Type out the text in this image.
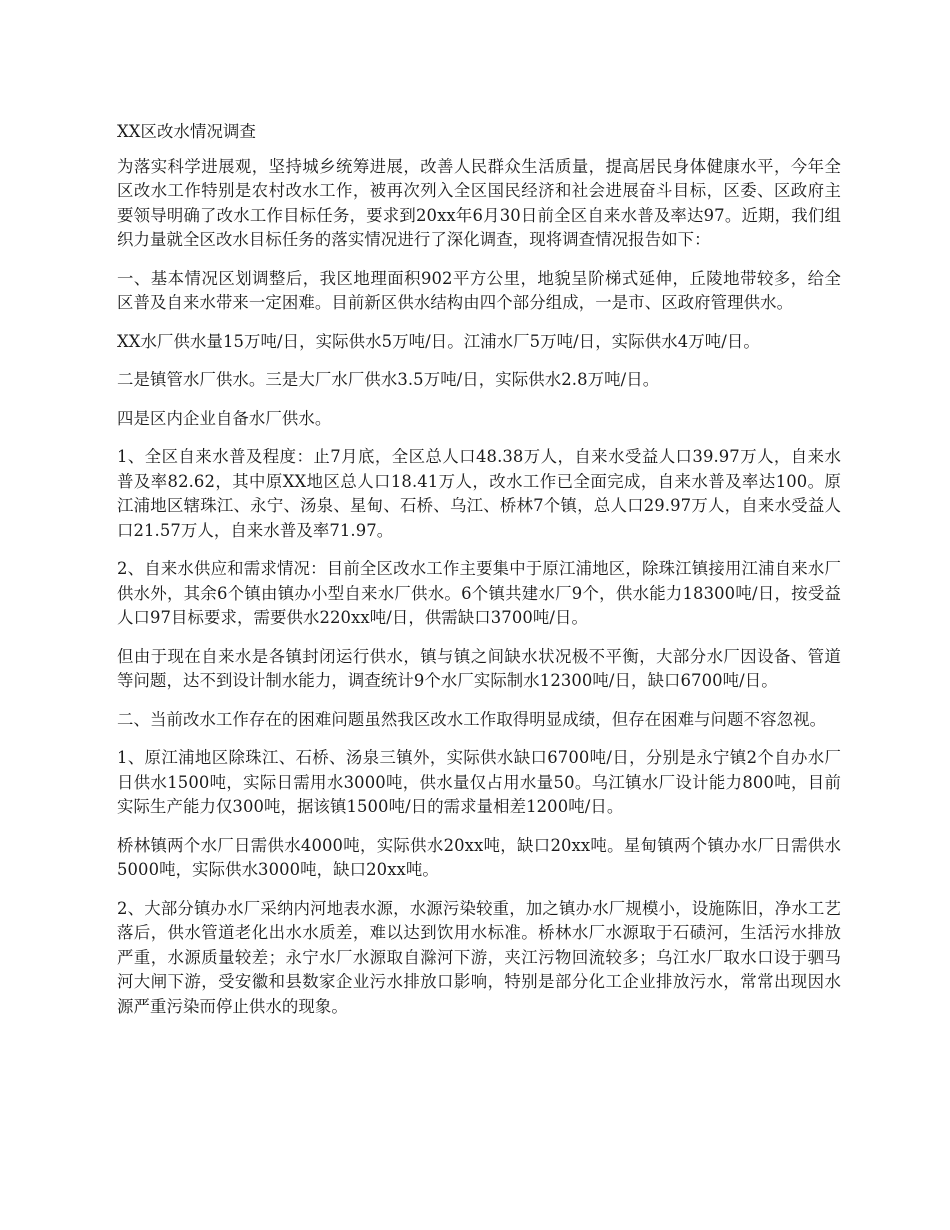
XX区改水情况调查

为落实科学进展观，坚持城乡统筹进展，改善人民群众生活质量，提高居民身体健康水平，今年全区改水工作特别是农村改水工作，被再次列入全区国民经济和社会进展奋斗目标，区委、区政府主要领导明确了改水工作目标任务，要求到20xx年6月30日前全区自来水普及率达97。近期，我们组织力量就全区改水目标任务的落实情况进行了深化调查，现将调查情况报告如下：

一、基本情况区划调整后，我区地理面积902平方公里，地貌呈阶梯式延伸，丘陵地带较多，给全区普及自来水带来一定困难。目前新区供水结构由四个部分组成，一是市、区政府管理供水。

XX水厂供水量15万吨/日，实际供水5万吨/日。江浦水厂5万吨/日，实际供水4万吨/日。

二是镇管水厂供水。三是大厂水厂供水3.5万吨/日，实际供水2.8万吨/日。

四是区内企业自备水厂供水。

1、全区自来水普及程度：止7月底，全区总人口48.38万人，自来水受益人口39.97万人，自来水普及率82.62，其中原XX地区总人口18.41万人，改水工作已全面完成，自来水普及率达100。原江浦地区辖珠江、永宁、汤泉、星甸、石桥、乌江、桥林7个镇，总人口29.97万人，自来水受益人口21.57万人，自来水普及率71.97。

2、自来水供应和需求情况：目前全区改水工作主要集中于原江浦地区，除珠江镇接用江浦自来水厂供水外，其余6个镇由镇办小型自来水厂供水。6个镇共建水厂9个，供水能力18300吨/日，按受益人口97目标要求，需要供水220xx吨/日，供需缺口3700吨/日。

但由于现在自来水是各镇封闭运行供水，镇与镇之间缺水状况极不平衡，大部分水厂因设备、管道等问题，达不到设计制水能力，调查统计9个水厂实际制水12300吨/日，缺口6700吨/日。

二、当前改水工作存在的困难问题虽然我区改水工作取得明显成绩，但存在困难与问题不容忽视。

1、原江浦地区除珠江、石桥、汤泉三镇外，实际供水缺口6700吨/日，分别是永宁镇2个自办水厂日供水1500吨，实际日需用水3000吨，供水量仅占用水量50。乌江镇水厂设计能力800吨，目前实际生产能力仅300吨，据该镇1500吨/日的需求量相差1200吨/日。

桥林镇两个水厂日需供水4000吨，实际供水20xx吨，缺口20xx吨。星甸镇两个镇办水厂日需供水5000吨，实际供水3000吨，缺口20xx吨。

2、大部分镇办水厂采纳内河地表水源，水源污染较重，加之镇办水厂规模小，设施陈旧，净水工艺落后，供水管道老化出水水质差，难以达到饮用水标准。桥林水厂水源取于石碛河，生活污水排放严重，水源质量较差；永宁水厂水源取自滁河下游，夹江污物回流较多；乌江水厂取水口设于驷马河大闸下游，受安徽和县数家企业污水排放口影响，特别是部分化工企业排放污水，常常出现因水源严重污染而停止供水的现象。
